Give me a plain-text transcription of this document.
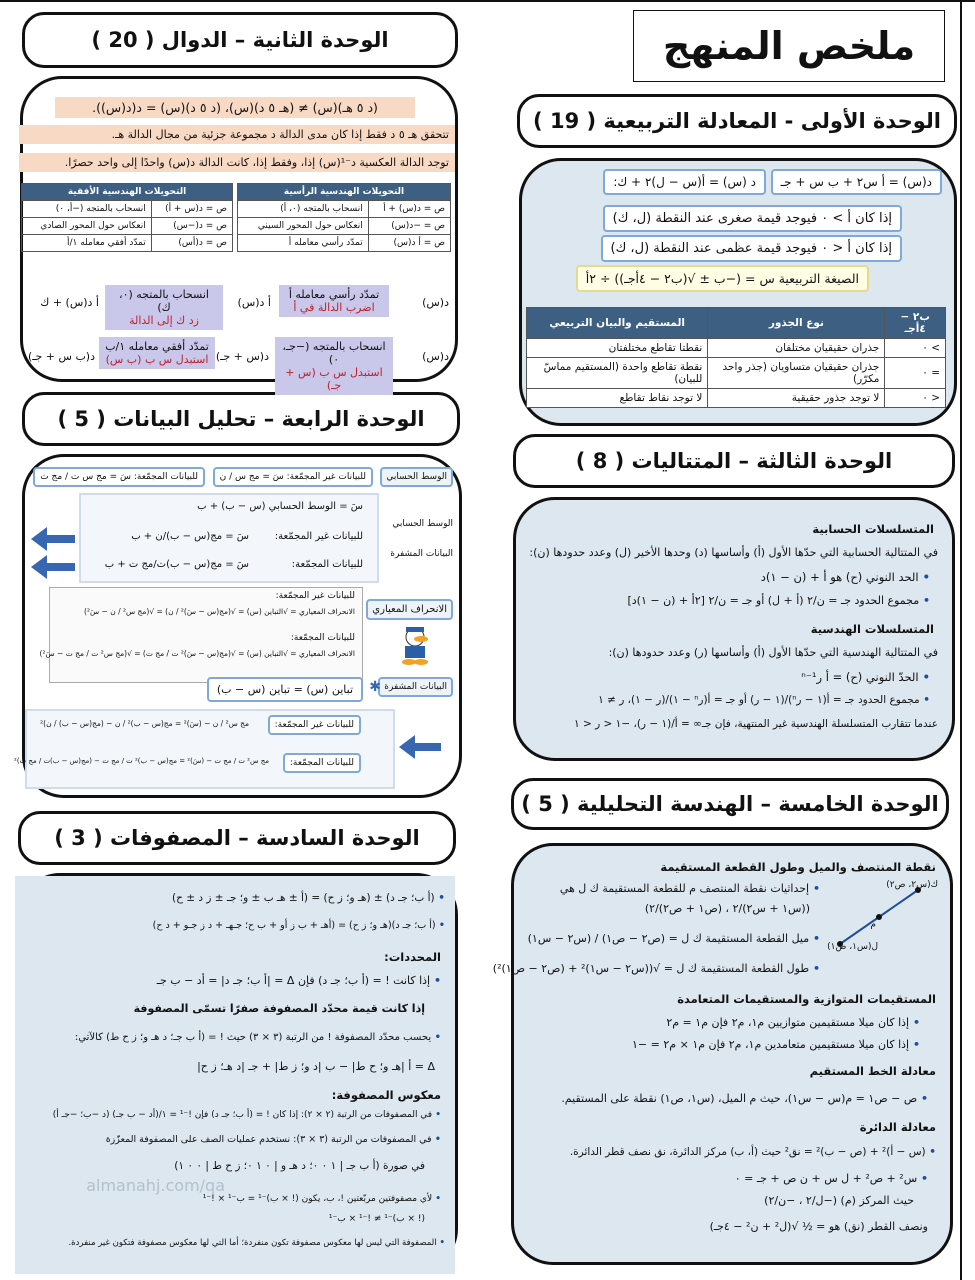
ملخص المنهج
الوحدة الأولى - المعادلة التربيعية ( 19 )
الوحدة الثانية – الدوال ( 20 )
الوحدة الثالثة – المتتاليات ( 8 )
الوحدة الرابعة – تحليل البيانات ( 5 )
الوحدة الخامسة – الهندسة التحليلية ( 5 )
الوحدة السادسة – المصفوفات ( 3 )
د(س) = أ س٢ + ب س + جـ
د (س) = أ(س − ل)٢ + ك:
إذا كان أ > ٠ فيوجد قيمة صغرى عند النقطة (ل، ك)
إذا كان أ < ٠ فيوجد قيمة عظمى عند النقطة (ل، ك)
الصيغة التربيعية س = (−ب ± √(ب٢ − ٤أجـ)) ÷ ٢أ
ب٢ − ٤أجـ	نوع الجذور	المستقيم والبيان التربيعي
> ٠	جذران حقيقيان مختلفان	نقطتا تقاطع مختلفتان
= ٠	جذران حقيقيان متساويان (جذر واحد مكرّر)	نقطة تقاطع واحدة (المستقيم مماسّ للبيان)
< ٠	لا توجد جذور حقيقية	لا توجد نقاط تقاطع
(د ٥ هـ)(س) ≠ (هـ ٥ د)(س)، (د ٥ د)(س) = د(د(س)).
تتحقق هـ ٥ د فقط إذا كان مدى الدالة د مجموعة جزئية من مجال الدالة هـ.
توجد الدالة العكسية د⁻¹(س) إذا، وفقط إذا، كانت الدالة د(س) واحدًا إلى واحد حصرًا.
التحويلات الهندسية الرأسية	
ص = د(س) + أ	انسحاب بالمتجه (٠، أ)
ص = −د(س)	انعكاس حول المحور السيني
ص = أ د(س)	تمدّد رأسي معامله أ
التحويلات الهندسية الأفقية	
ص = د(س + أ)	انسحاب بالمتجه (−أ، ٠)
ص = د(−س)	انعكاس حول المحور الصادي
ص = د(أس)	تمدّد أفقي معامله ١/أ
د(س)
تمدّد رأسي معامله أ
اضرب الدالة في أ
أ د(س)
انسحاب بالمتجه (٠، ك)
زد ك إلى الدالة
أ د(س) + ك
د(س)
انسحاب بالمتجه (−جـ، ٠)
استبدل س ب (س + جـ)
د(س + جـ)
تمدّد أفقي معامله ١/ب
استبدل س ب (ب س)
د(ب س + جـ)
المتسلسلات الحسابية
في المتتالية الحسابية التي حدّها الأول (أ) وأساسها (د) وحدها الأخير (ل) وعدد حدودها (ن):
• الحد النوني (ح) هو أ + (ن − ١)د
• مجموع الحدود جـ = ن/٢ (أ + ل) أو جـ = ن/٢ [٢أ + (ن − ١)د]
المتسلسلات الهندسية
في المتتالية الهندسية التي حدّها الأول (أ) وأساسها (ر) وعدد حدودها (ن):
• الحدّ النوني (ح) = أ رⁿ⁻¹
• مجموع الحدود جـ = أ(١ − رⁿ)/(١ − ر) أو جـ = أ(رⁿ − ١)/(ر − ١)، ر ≠ ١
عندما تتقارب المتسلسلة الهندسية غير المنتهية، فإن جـ∞ = أ/(١ − ر)، −١ < ر < ١
الوسط الحسابي
للبيانات غير المجمّعة: سَ = مج س / ن
للبيانات المجمّعة: سَ = مج س ت / مج ت
الوسط الحسابي
البيانات المشفرة
سَ = الوسط الحسابي (س − ب) + ب
للبيانات غير المجمّعة:
سَ = مج(س − ب)/ن + ب
للبيانات المجمّعة:
سَ = مج(س − ب)ت/مج ت + ب
الانحراف المعياري
للبيانات غير المجمّعة:
الانحراف المعياري = √التباين (س) = √(مج(س − سَ)² / ن) = √(مج س² / ن − سَ²)
للبيانات المجمّعة:
الانحراف المعياري = √التباين (س) = √(مج(س − سَ)² ت / مج ت) = √(مج س² ت / مج ت − سَ²)
البيانات المشفرة
تباين (س) = تباين (س − ب)	✱
للبيانات غير المجمّعة:
مج س² / ن − (سَ)² = مج(س − ب)² / ن − (مج(س − ب) / ن)²
للبيانات المجمّعة:
مج س² ت / مج ت − (سَ)² = مج(س − ب)² ت / مج ت − (مج(س − ب)ت / مج ت)²
نقطة المنتصف والميل وطول القطعة المستقيمة
• إحداثيات نقطة المنتصف م للقطعة المستقيمة ك ل هي
((س١ + س٢)/٢ ، (ص١ + ص٢)/٢)
• ميل القطعة المستقيمة ك ل = (ص٢ − ص١) / (س٢ − س١)
• طول القطعة المستقيمة ك ل = √((س٢ − س١)² + (ص٢ − ص١)²)
ك(س٢، ص٢)
ل(س١، ص١)
م
المستقيمات المتوازية والمستقيمات المتعامدة
• إذا كان ميلا مستقيمين متوازيين م١، م٢ فإن م١ = م٢
• إذا كان ميلا مستقيمين متعامدين م١، م٢ فإن م١ × م٢ = −١
معادلة الخط المستقيم
• ص − ص١ = م(س − س١)، حيث م الميل، (س١، ص١) نقطة على المستقيم.
معادلة الدائرة
• (س − أ)² + (ص − ب)² = نق² حيث (أ، ب) مركز الدائرة، نق نصف قطر الدائرة.
• س² + ص² + ل س + ن ص + جـ = ٠
حيث المركز (م) (−ل/٢ ، −ن/٢)
ونصف القطر (نق) هو = ½ √(ل² + ن² − ٤جـ)
• (أ ب؛ جـ د) ± (هـ و؛ ز ح) = (أ ± هـ ب ± و؛ جـ ± ز د ± ح)
• (أ ب؛ جـ د)(هـ و؛ ز ح) = (أهـ + ب ز أو + ب ح؛ جـهـ + د ز جـو + د ح)
المحددات:
• إذا كانت ! = (أ ب؛ جـ د) فإن Δ = |أ ب؛ جـ د| = أد − ب جـ
إذا كانت قيمة محدّد المصفوفة صفرًا تسمّى المصفوفة
• يحسب محدّد المصفوفة ! من الرتبة (٣ × ٣) حيث ! = (أ ب جـ؛ د هـ و؛ ز ح ط) كالآتي:
Δ = أ |هـ و؛ ح ط| − ب |د و؛ ز ط| + جـ |د هـ؛ ز ح|
معكوس المصفوفة:
• في المصفوفات من الرتبة (٢ × ٢): إذا كان ! = (أ ب؛ جـ د) فإن !⁻¹ = ١/(أد − ب جـ) (د −ب؛ −جـ أ)
• في المصفوفات من الرتبة (٣ × ٣): نستخدم عمليات الصف على المصفوفة المعزّزة
في صورة (أ ب جـ | ١ ٠ ٠؛ د هـ و | ٠ ١ ٠؛ ز ح ط | ٠ ٠ ١)
• لأي مصفوفتين مربّعتين !، ب، يكون (! × ب)⁻¹ = ب⁻¹ × !⁻¹
(! × ب)⁻¹ ≠ !⁻¹ × ب⁻¹
• المصفوفة التي ليس لها معكوس مصفوفة تكون منفردة؛ أما التي لها معكوس مصفوفة فتكون غير منفردة.
almanahj.com/qa
